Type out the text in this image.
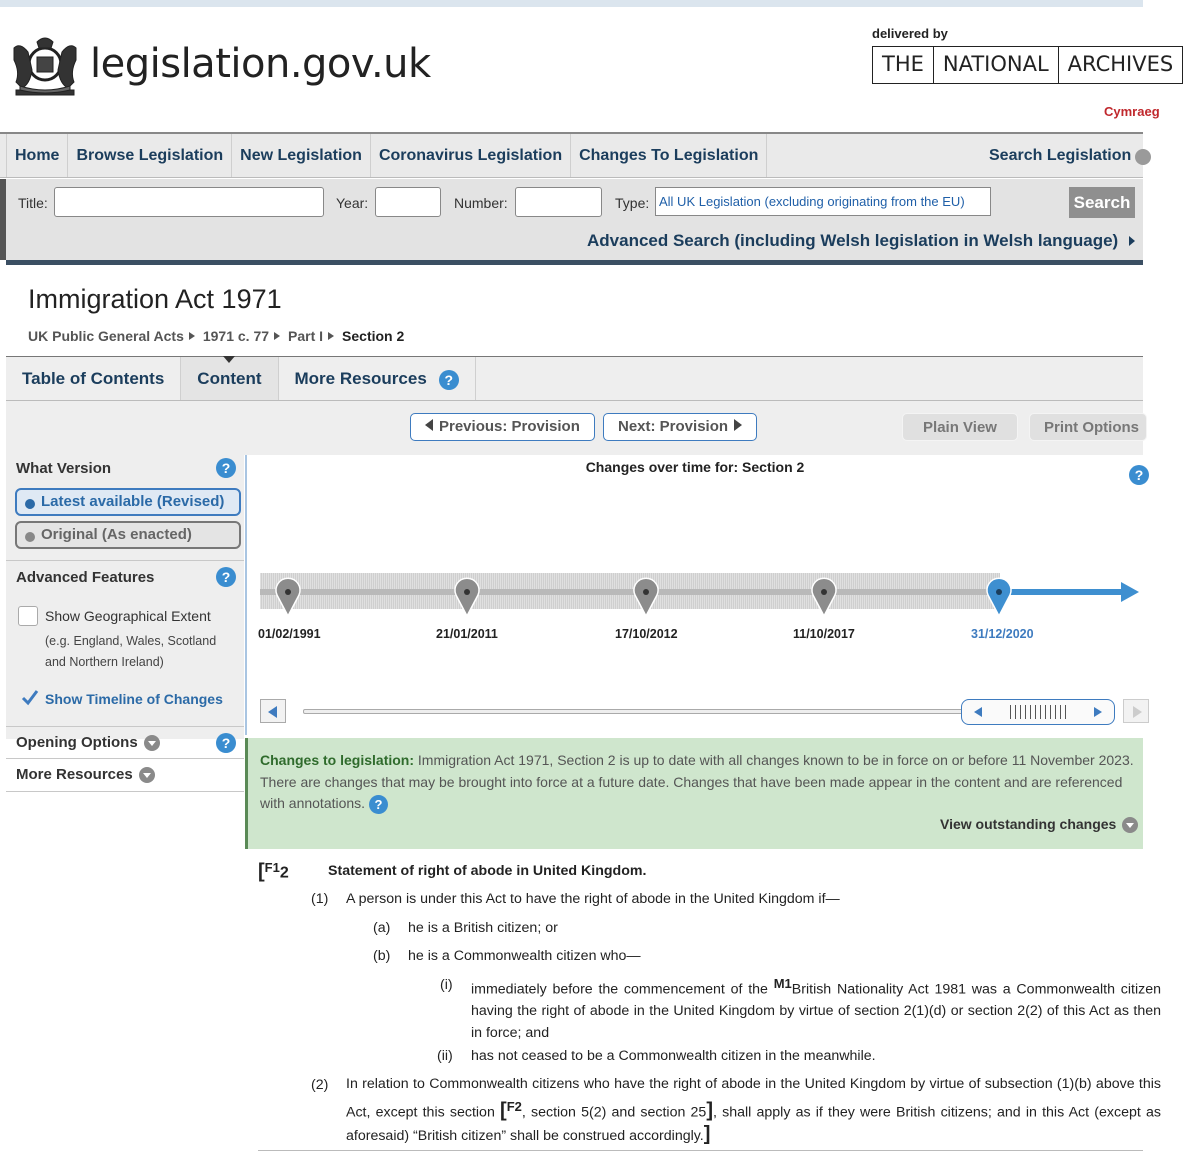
legislation.gov.uk
delivered by
THE NATIONAL ARCHIVES
Cymraeg
Home	Browse Legislation	New Legislation	Coronavirus Legislation	Changes To Legislation	Search Legislation
Title:	Year:	Number:	Type: All UK Legislation (excluding originating from the EU)	Search
Advanced Search (including Welsh legislation in Welsh language)
Immigration Act 1971
UK Public General Acts 1971 c. 77 Part I Section 2
Table of Contents	Content	More Resources ?
Previous: Provision	Next: Provision	Plain View	Print Options
What Version	?
Latest available (Revised)
Original (As enacted)
Advanced Features	?
Show Geographical Extent
(e.g. England, Wales, Scotland
and Northern Ireland)
Show Timeline of Changes
Opening Options	?
More Resources
Changes over time for: Section 2	?
01/02/1991	21/01/2011	17/10/2012	11/10/2017	31/12/2020

Changes to legislation: Immigration Act 1971, Section 2 is up to date with all changes known to be in force on or before 11 November 2023. There are changes that may be brought into force at a future date. Changes that have been made appear in the content and are referenced with annotations. ?

View outstanding changes
[$^{F1}$2	Statement of right of abode in United Kingdom.
(1) A person is under this Act to have the right of abode in the United Kingdom if—
(a) he is a British citizen; or
(b) he is a Commonwealth citizen who—
(i) immediately before the commencement of the $^{M1}$British Nationality Act 1981 was a Commonwealth citizen having the right of abode in the United Kingdom by virtue of section 2(1)(d) or section 2(2) of this Act as then in force; and
(ii) has not ceased to be a Commonwealth citizen in the meanwhile.
(2) In relation to Commonwealth citizens who have the right of abode in the United Kingdom by virtue of subsection (1)(b) above this Act, except this section [$^{F2}$, section 5(2) and section 25], shall apply as if they were British citizens; and in this Act (except as aforesaid) “British citizen” shall be construed accordingly.]
